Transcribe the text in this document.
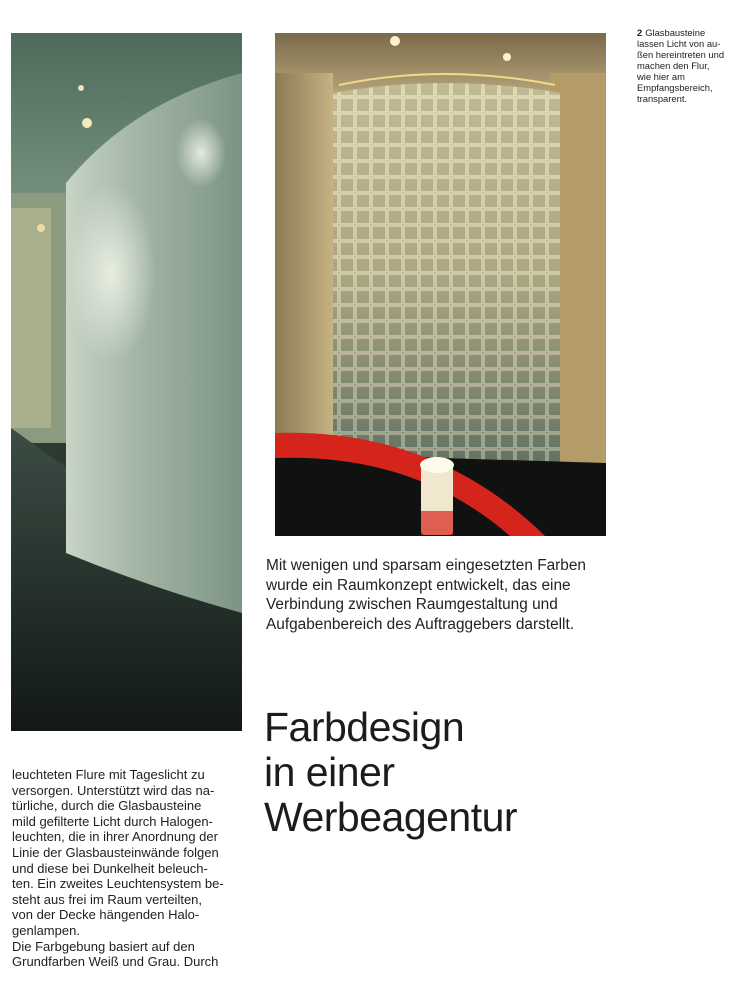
2 Glasbausteine
lassen Licht von au-
ßen hereintreten und
machen den Flur,
wie hier am
Empfangsbereich,
transparent.
Mit wenigen und sparsam eingesetzten Farben
wurde ein Raumkonzept entwickelt, das eine
Verbindung zwischen Raumgestaltung und
Aufgabenbereich des Auftraggebers darstellt.
Farbdesign
in einer
Werbeagentur
leuchteten Flure mit Tageslicht zu
versorgen. Unterstützt wird das na-
türliche, durch die Glasbausteine
mild gefilterte Licht durch Halogen-
leuchten, die in ihrer Anordnung der
Linie der Glasbausteinwände folgen
und diese bei Dunkelheit beleuch-
ten. Ein zweites Leuchtensystem be-
steht aus frei im Raum verteilten,
von der Decke hängenden Halo-
genlampen.
Die Farbgebung basiert auf den
Grundfarben Weiß und Grau. Durch
